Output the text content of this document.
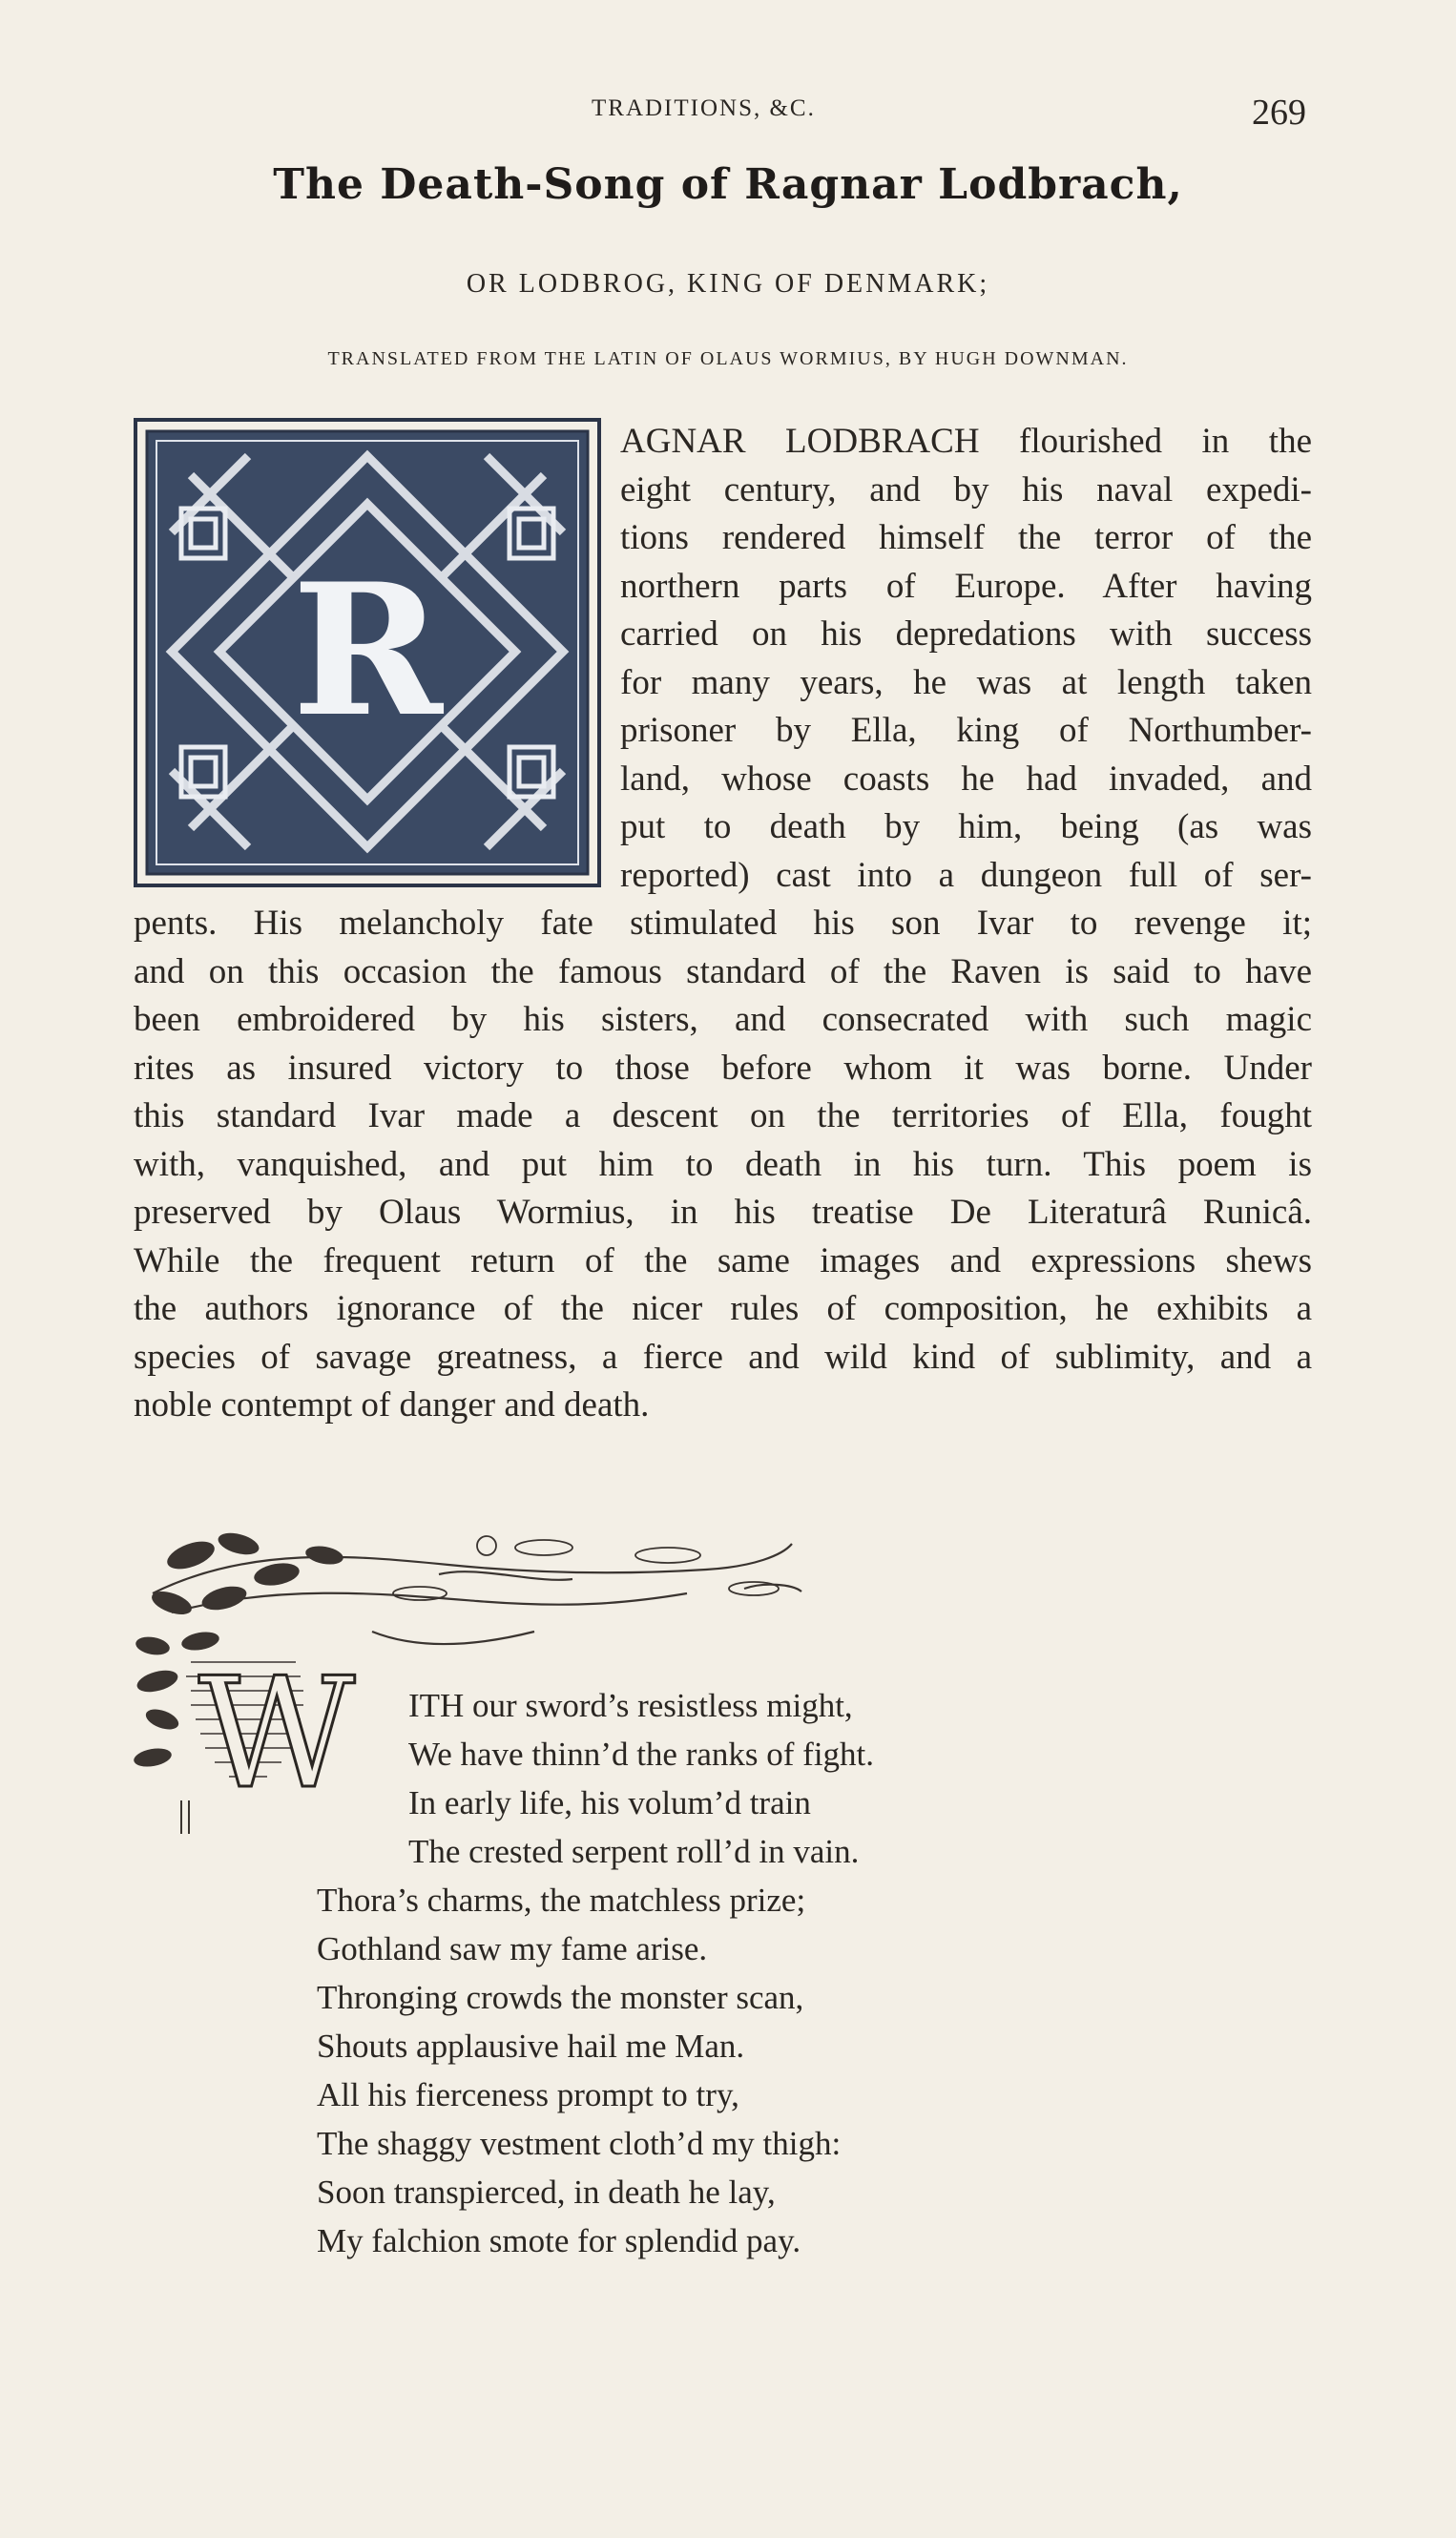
TRADITIONS, &C.	269
The Death-Song of Ragnar Lodbrach,
OR LODBROG, KING OF DENMARK;
TRANSLATED FROM THE LATIN OF OLAUS WORMIUS, BY HUGH DOWNMAN.
R
AGNAR LODBRACH flourished in the
eight century, and by his naval expedi-
tions rendered himself the terror of the
northern parts of Europe. After having
carried on his depredations with success
for many years, he was at length taken
prisoner by Ella, king of Northumber-
land, whose coasts he had invaded, and
put to death by him, being (as was
reported) cast into a dungeon full of ser-
pents. His melancholy fate stimulated his son Ivar to revenge it;
and on this occasion the famous standard of the Raven is said to have
been embroidered by his sisters, and consecrated with such magic
rites as insured victory to those before whom it was borne. Under
this standard Ivar made a descent on the territories of Ella, fought
with, vanquished, and put him to death in his turn. This poem is
preserved by Olaus Wormius, in his treatise De Literaturâ Runicâ.
While the frequent return of the same images and expressions shews
the authors ignorance of the nicer rules of composition, he exhibits a
species of savage greatness, a fierce and wild kind of sublimity, and a
noble contempt of danger and death.
W ITH our sword’s resistless might,
We have thinn’d the ranks of fight.
In early life, his volum’d train
The crested serpent roll’d in vain.
Thora’s charms, the matchless prize;
Gothland saw my fame arise.
Thronging crowds the monster scan,
Shouts applausive hail me Man.
All his fierceness prompt to try,
The shaggy vestment cloth’d my thigh:
Soon transpierced, in death he lay,
My falchion smote for splendid pay.
